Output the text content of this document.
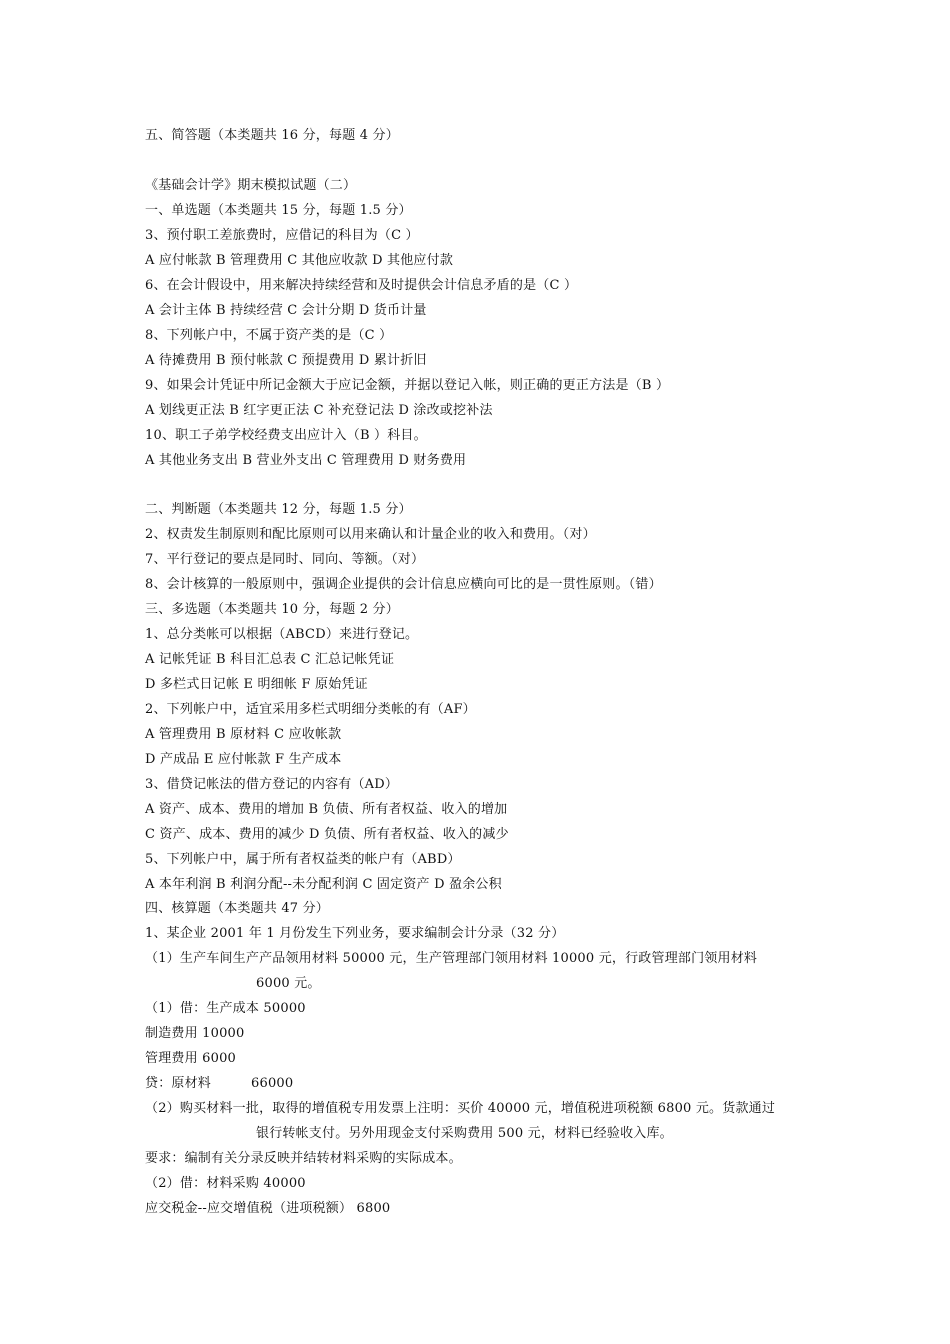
五、简答题（本类题共 16 分，每题 4 分）
《基础会计学》期末模拟试题（二）
一、单选题（本类题共 15 分，每题 1.5 分）
3、预付职工差旅费时，应借记的科目为（C ）
A 应付帐款 B 管理费用 C 其他应收款 D 其他应付款
6、在会计假设中，用来解决持续经营和及时提供会计信息矛盾的是（C ）
A 会计主体 B 持续经营 C 会计分期 D 货币计量
8、下列帐户中，不属于资产类的是（C ）
A 待摊费用 B 预付帐款 C 预提费用 D 累计折旧
9、如果会计凭证中所记金额大于应记金额，并据以登记入帐，则正确的更正方法是（B ）
A 划线更正法 B 红字更正法 C 补充登记法 D 涂改或挖补法
10、职工子弟学校经费支出应计入（B ）科目。
A 其他业务支出 B 营业外支出 C 管理费用 D 财务费用
二、判断题（本类题共 12 分，每题 1.5 分）
2、权责发生制原则和配比原则可以用来确认和计量企业的收入和费用。（对）
7、平行登记的要点是同时、同向、等额。（对）
8、会计核算的一般原则中，强调企业提供的会计信息应横向可比的是一贯性原则。（错）
三、多选题（本类题共 10 分，每题 2 分）
1、总分类帐可以根据（ABCD）来进行登记。
A 记帐凭证 B 科目汇总表 C 汇总记帐凭证
D 多栏式日记帐 E 明细帐 F 原始凭证
2、下列帐户中，适宜采用多栏式明细分类帐的有（AF）
A 管理费用 B 原材料 C 应收帐款
D 产成品 E 应付帐款 F 生产成本
3、借贷记帐法的借方登记的内容有（AD）
A 资产、成本、费用的增加 B 负债、所有者权益、收入的增加
C 资产、成本、费用的减少 D 负债、所有者权益、收入的减少
5、下列帐户中，属于所有者权益类的帐户有（ABD）
A 本年利润 B 利润分配--未分配利润 C 固定资产 D 盈余公积
四、核算题（本类题共 47 分）
1、某企业 2001 年 1 月份发生下列业务，要求编制会计分录（32 分）
（1）生产车间生产产品领用材料 50000 元，生产管理部门领用材料 10000 元，行政管理部门领用材料
6000 元。
（1）借：生产成本 50000
制造费用 10000
管理费用 6000
贷：原材料	66000
（2）购买材料一批，取得的增值税专用发票上注明：买价 40000 元，增值税进项税额 6800 元。货款通过
银行转帐支付。另外用现金支付采购费用 500 元，材料已经验收入库。
要求：编制有关分录反映并结转材料采购的实际成本。
（2）借：材料采购 40000
应交税金--应交增值税（进项税额） 6800
